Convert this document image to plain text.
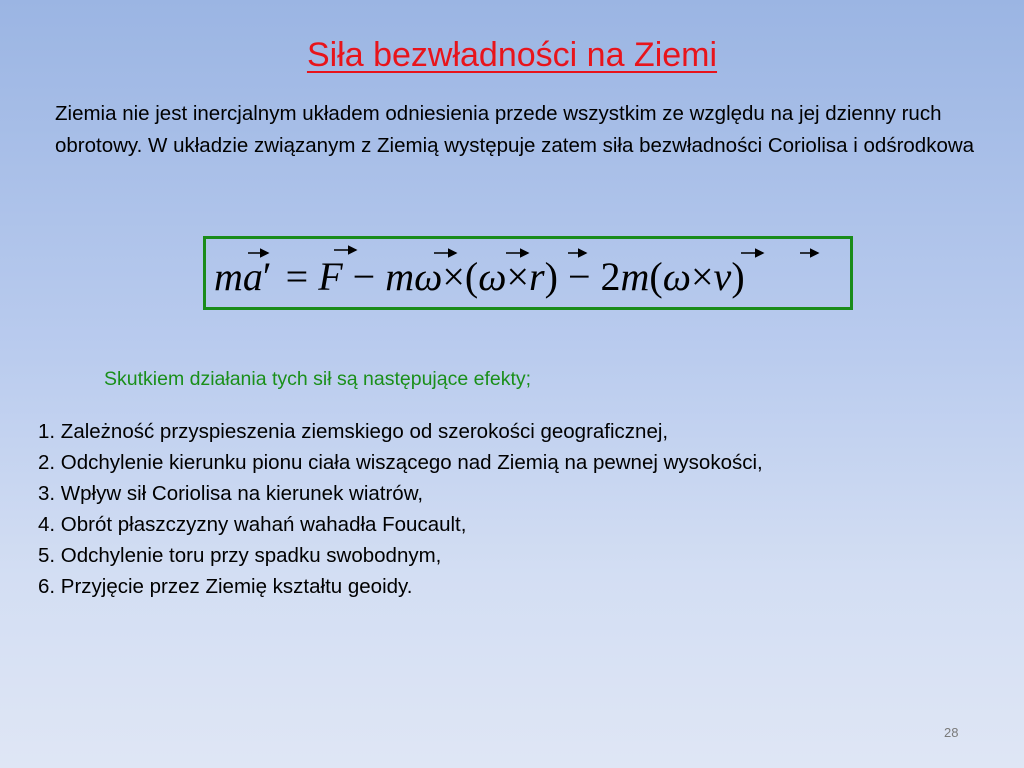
Siła bezwładności na Ziemi
Ziemia nie jest inercjalnym układem odniesienia przede wszystkim ze względu na jej dzienny ruch obrotowy. W układzie związanym z Ziemią występuje zatem siła bezwładności Coriolisa i odśrodkowa
ma′ = F − mω×(ω×r) − 2m(ω×v)
Skutkiem działania tych sił są następujące efekty;
1. Zależność przyspieszenia ziemskiego od szerokości geograficznej,
2. Odchylenie kierunku pionu ciała wiszącego nad Ziemią na pewnej wysokości,
3. Wpływ sił Coriolisa na kierunek wiatrów,
4. Obrót płaszczyzny wahań wahadła Foucault,
5. Odchylenie toru przy spadku swobodnym,
6. Przyjęcie przez Ziemię kształtu geoidy.
28
